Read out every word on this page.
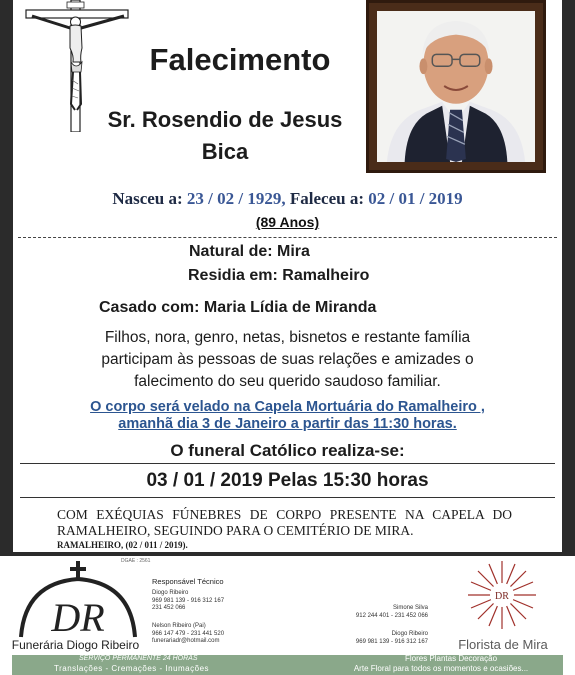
Falecimento
Sr. Rosendio de Jesus
Bica
Nasceu a: 23 / 02 / 1929, Faleceu a: 02 / 01 / 2019
(89 Anos)
Natural de: Mira
Residia em: Ramalheiro
Casado com: Maria Lídia de Miranda
Filhos, nora, genro, netas, bisnetos e restante família
participam às pessoas de suas relações e amizades o
falecimento do seu querido saudoso familiar.
O corpo será velado na Capela Mortuária do Ramalheiro ,
amanhã dia 3 de Janeiro a partir das 11:30 horas.
O funeral Católico realiza-se:
03 / 01 / 2019 Pelas 15:30 horas
COM EXÉQUIAS FÚNEBRES DE CORPO PRESENTE NA CAPELA DO RAMALHEIRO, SEGUINDO PARA O CEMITÉRIO DE MIRA.
RAMALHEIRO, (02 / 011 / 2019).
DGAE : 2561
DR
Funerária Diogo Ribeiro
Responsável Técnico
Diogo Ribeiro
969 981 139 - 916 312 167
231 452 066
Nelson Ribeiro (Pai)
966 147 479 - 231 441 520
funerariadr@hotmail.com
Simone Silva
912 244 401 - 231 452 066
Diogo Ribeiro
969 981 139 - 916 312 167
DR
Florista de Mira
SERVIÇO PERMANENTE 24 HORAS
Translações - Cremações - Inumações
Flores Plantas Decoração
Arte Floral para todos os momentos e ocasiões...
